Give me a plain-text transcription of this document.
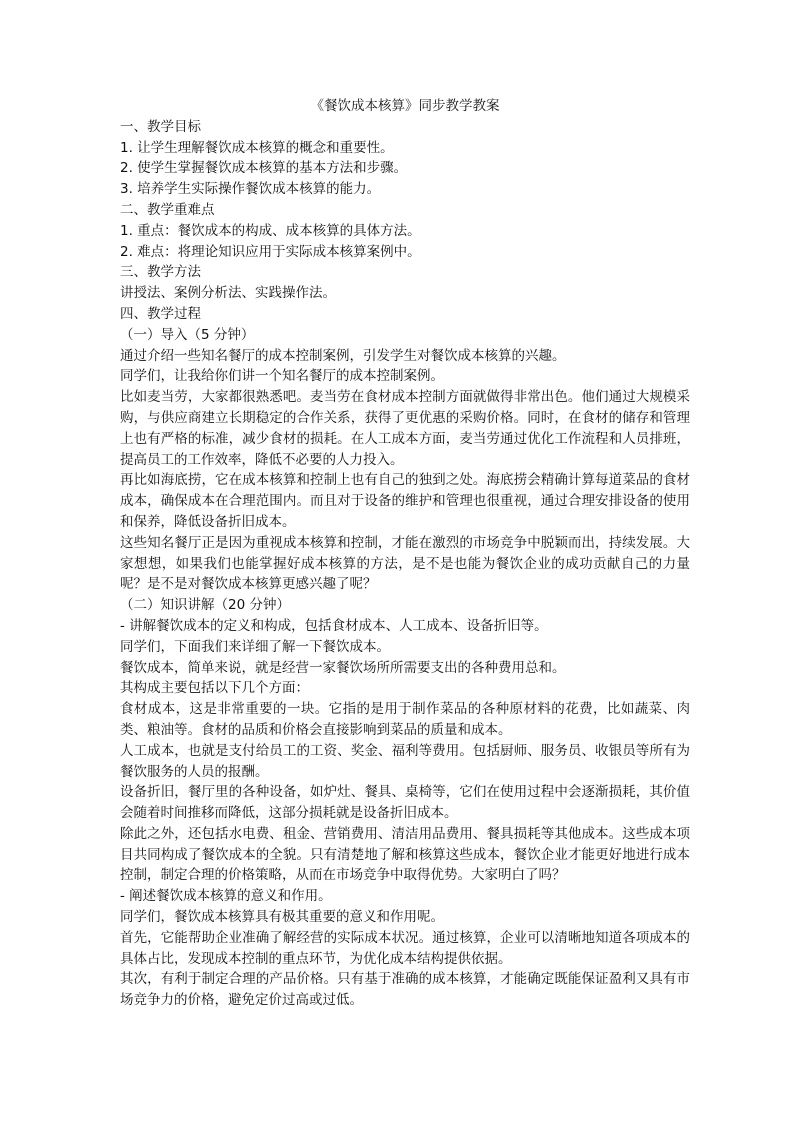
《餐饮成本核算》同步教学教案

一、教学目标

1. 让学生理解餐饮成本核算的概念和重要性。

2. 使学生掌握餐饮成本核算的基本方法和步骤。

3. 培养学生实际操作餐饮成本核算的能力。

二、教学重难点

1. 重点：餐饮成本的构成、成本核算的具体方法。

2. 难点：将理论知识应用于实际成本核算案例中。

三、教学方法

讲授法、案例分析法、实践操作法。

四、教学过程

（一）导入（5 分钟）

通过介绍一些知名餐厅的成本控制案例，引发学生对餐饮成本核算的兴趣。

同学们，让我给你们讲一个知名餐厅的成本控制案例。

比如麦当劳，大家都很熟悉吧。麦当劳在食材成本控制方面就做得非常出色。他们通过大规模采购，与供应商建立长期稳定的合作关系，获得了更优惠的采购价格。同时，在食材的储存和管理上也有严格的标准，减少食材的损耗。在人工成本方面，麦当劳通过优化工作流程和人员排班，提高员工的工作效率，降低不必要的人力投入。

再比如海底捞，它在成本核算和控制上也有自己的独到之处。海底捞会精确计算每道菜品的食材成本，确保成本在合理范围内。而且对于设备的维护和管理也很重视，通过合理安排设备的使用和保养，降低设备折旧成本。

这些知名餐厅正是因为重视成本核算和控制，才能在激烈的市场竞争中脱颖而出，持续发展。大家想想，如果我们也能掌握好成本核算的方法，是不是也能为餐饮企业的成功贡献自己的力量呢？是不是对餐饮成本核算更感兴趣了呢？

（二）知识讲解（20 分钟）

- 讲解餐饮成本的定义和构成，包括食材成本、人工成本、设备折旧等。

同学们，下面我们来详细了解一下餐饮成本。

餐饮成本，简单来说，就是经营一家餐饮场所所需要支出的各种费用总和。

其构成主要包括以下几个方面：

食材成本，这是非常重要的一块。它指的是用于制作菜品的各种原材料的花费，比如蔬菜、肉类、粮油等。食材的品质和价格会直接影响到菜品的质量和成本。

人工成本，也就是支付给员工的工资、奖金、福利等费用。包括厨师、服务员、收银员等所有为餐饮服务的人员的报酬。

设备折旧，餐厅里的各种设备，如炉灶、餐具、桌椅等，它们在使用过程中会逐渐损耗，其价值会随着时间推移而降低，这部分损耗就是设备折旧成本。

除此之外，还包括水电费、租金、营销费用、清洁用品费用、餐具损耗等其他成本。这些成本项目共同构成了餐饮成本的全貌。只有清楚地了解和核算这些成本，餐饮企业才能更好地进行成本控制，制定合理的价格策略，从而在市场竞争中取得优势。大家明白了吗？

- 阐述餐饮成本核算的意义和作用。

同学们，餐饮成本核算具有极其重要的意义和作用呢。

首先，它能帮助企业准确了解经营的实际成本状况。通过核算，企业可以清晰地知道各项成本的具体占比，发现成本控制的重点环节，为优化成本结构提供依据。

其次，有利于制定合理的产品价格。只有基于准确的成本核算，才能确定既能保证盈利又具有市场竞争力的价格，避免定价过高或过低。
